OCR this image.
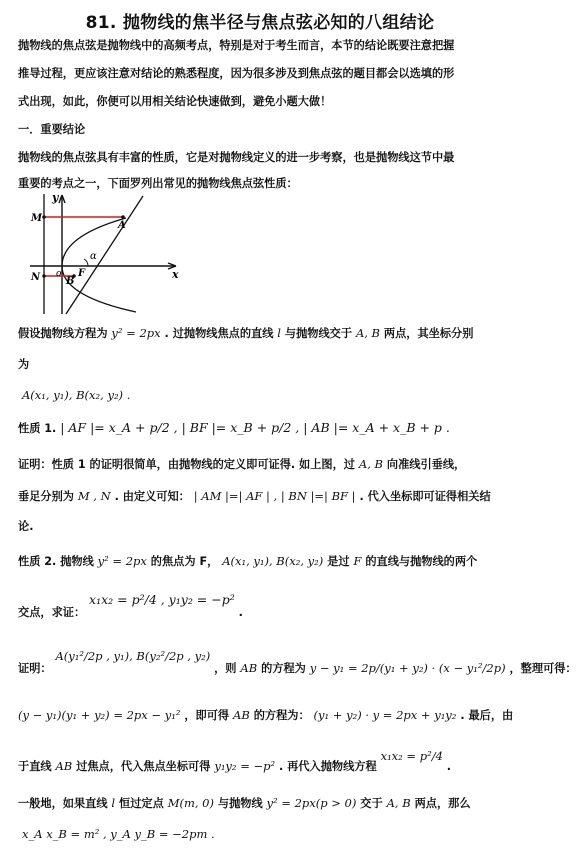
81. 抛物线的焦半径与焦点弦必知的八组结论
抛物线的焦点弦是抛物线中的高频考点，特别是对于考生而言，本节的结论既要注意把握
推导过程，更应该注意对结论的熟悉程度，因为很多涉及到焦点弦的题目都会以选填的形
式出现，如此，你便可以用相关结论快速做到，避免小题大做！
一．重要结论
抛物线的焦点弦具有丰富的性质，它是对抛物线定义的进一步考察，也是抛物线这节中最
重要的考点之一，下面罗列出常见的抛物线焦点弦性质：
y
x
o
M
N
A
B
F
α
假设抛物线方程为 y² = 2px . 过抛物线焦点的直线 l 与抛物线交于 A, B 两点，其坐标分别
为
A(x₁, y₁), B(x₂, y₂) .
性质 1. | AF |= x_A + p/2 , | BF |= x_B + p/2 , | AB |= x_A + x_B + p .
证明：性质 1 的证明很简单，由抛物线的定义即可证得. 如上图，过 A, B 向准线引垂线，
垂足分别为 M , N . 由定义可知： | AM |=| AF | , | BN |=| BF | . 代入坐标即可证得相关结
论.
性质 2. 抛物线 y² = 2px 的焦点为 F， A(x₁, y₁), B(x₂, y₂) 是过 F 的直线与抛物线的两个
交点，求证： x₁x₂ = p²/4 , y₁y₂ = −p² .
证明： A(y₁²/2p , y₁), B(y₂²/2p , y₂) ，则 AB 的方程为 y − y₁ = 2p/(y₁ + y₂) · (x − y₁²/2p) ，整理可得：
(y − y₁)(y₁ + y₂) = 2px − y₁² ，即可得 AB 的方程为： (y₁ + y₂) · y = 2px + y₁y₂ . 最后，由
于直线 AB 过焦点，代入焦点坐标可得 y₁y₂ = −p² . 再代入抛物线方程 x₁x₂ = p²/4 .
一般地，如果直线 l 恒过定点 M(m, 0) 与抛物线 y² = 2px(p > 0) 交于 A, B 两点，那么
x_A x_B = m² , y_A y_B = −2pm .
